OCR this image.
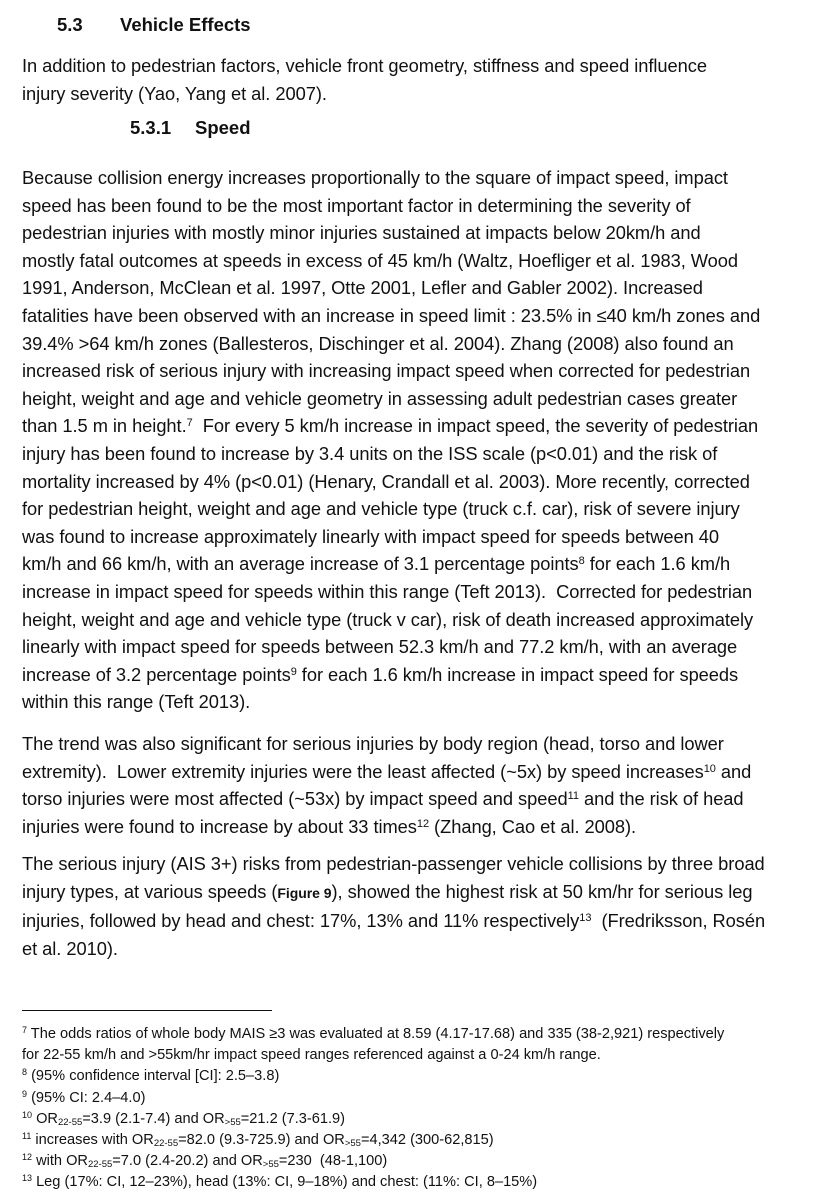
5.3 Vehicle Effects
In addition to pedestrian factors, vehicle front geometry, stiffness and speed influence
injury severity (Yao, Yang et al. 2007).
5.3.1 Speed
Because collision energy increases proportionally to the square of impact speed, impact
speed has been found to be the most important factor in determining the severity of
pedestrian injuries with mostly minor injuries sustained at impacts below 20km/h and
mostly fatal outcomes at speeds in excess of 45 km/h (Waltz, Hoefliger et al. 1983, Wood
1991, Anderson, McClean et al. 1997, Otte 2001, Lefler and Gabler 2002). Increased
fatalities have been observed with an increase in speed limit : 23.5% in ≤40 km/h zones and
39.4% >64 km/h zones (Ballesteros, Dischinger et al. 2004). Zhang (2008) also found an
increased risk of serious injury with increasing impact speed when corrected for pedestrian
height, weight and age and vehicle geometry in assessing adult pedestrian cases greater
than 1.5 m in height.$^7$  For every 5 km/h increase in impact speed, the severity of pedestrian
injury has been found to increase by 3.4 units on the ISS scale (p<0.01) and the risk of
mortality increased by 4% (p<0.01) (Henary, Crandall et al. 2003). More recently, corrected
for pedestrian height, weight and age and vehicle type (truck c.f. car), risk of severe injury
was found to increase approximately linearly with impact speed for speeds between 40
km/h and 66 km/h, with an average increase of 3.1 percentage points$^8$ for each 1.6 km/h
increase in impact speed for speeds within this range (Teft 2013).  Corrected for pedestrian
height, weight and age and vehicle type (truck v car), risk of death increased approximately
linearly with impact speed for speeds between 52.3 km/h and 77.2 km/h, with an average
increase of 3.2 percentage points$^9$ for each 1.6 km/h increase in impact speed for speeds
within this range (Teft 2013).
The trend was also significant for serious injuries by body region (head, torso and lower
extremity).  Lower extremity injuries were the least affected (~5x) by speed increases$^{10}$ and
torso injuries were most affected (~53x) by impact speed and speed$^{11}$ and the risk of head
injuries were found to increase by about 33 times$^{12}$ (Zhang, Cao et al. 2008).
The serious injury (AIS 3+) risks from pedestrian-passenger vehicle collisions by three broad
injury types, at various speeds (Figure 9), showed the highest risk at 50 km/hr for serious leg
injuries, followed by head and chest: 17%, 13% and 11% respectively$^{13}$  (Fredriksson, Rosén
et al. 2010).
$^7$ The odds ratios of whole body MAIS ≥3 was evaluated at 8.59 (4.17-17.68) and 335 (38-2,921) respectively
for 22-55 km/h and >55km/hr impact speed ranges referenced against a 0-24 km/h range.
$^8$ (95% confidence interval [CI]: 2.5–3.8)
$^9$ (95% CI: 2.4–4.0)
$^{10}$ $OR_{22-55}=3.9$ (2.1-7.4) and $OR_{>55}=21.2$ (7.3-61.9)
$^{11}$ increases with $OR_{22-55}=82.0$ (9.3-725.9) and $OR_{>55}=4,342$ (300-62,815)
$^{12}$ with $OR_{22-55}=7.0$ (2.4-20.2) and $OR_{>55}=230$  (48-1,100)
$^{13}$ Leg (17%: CI, 12–23%), head (13%: CI, 9–18%) and chest: (11%: CI, 8–15%)
